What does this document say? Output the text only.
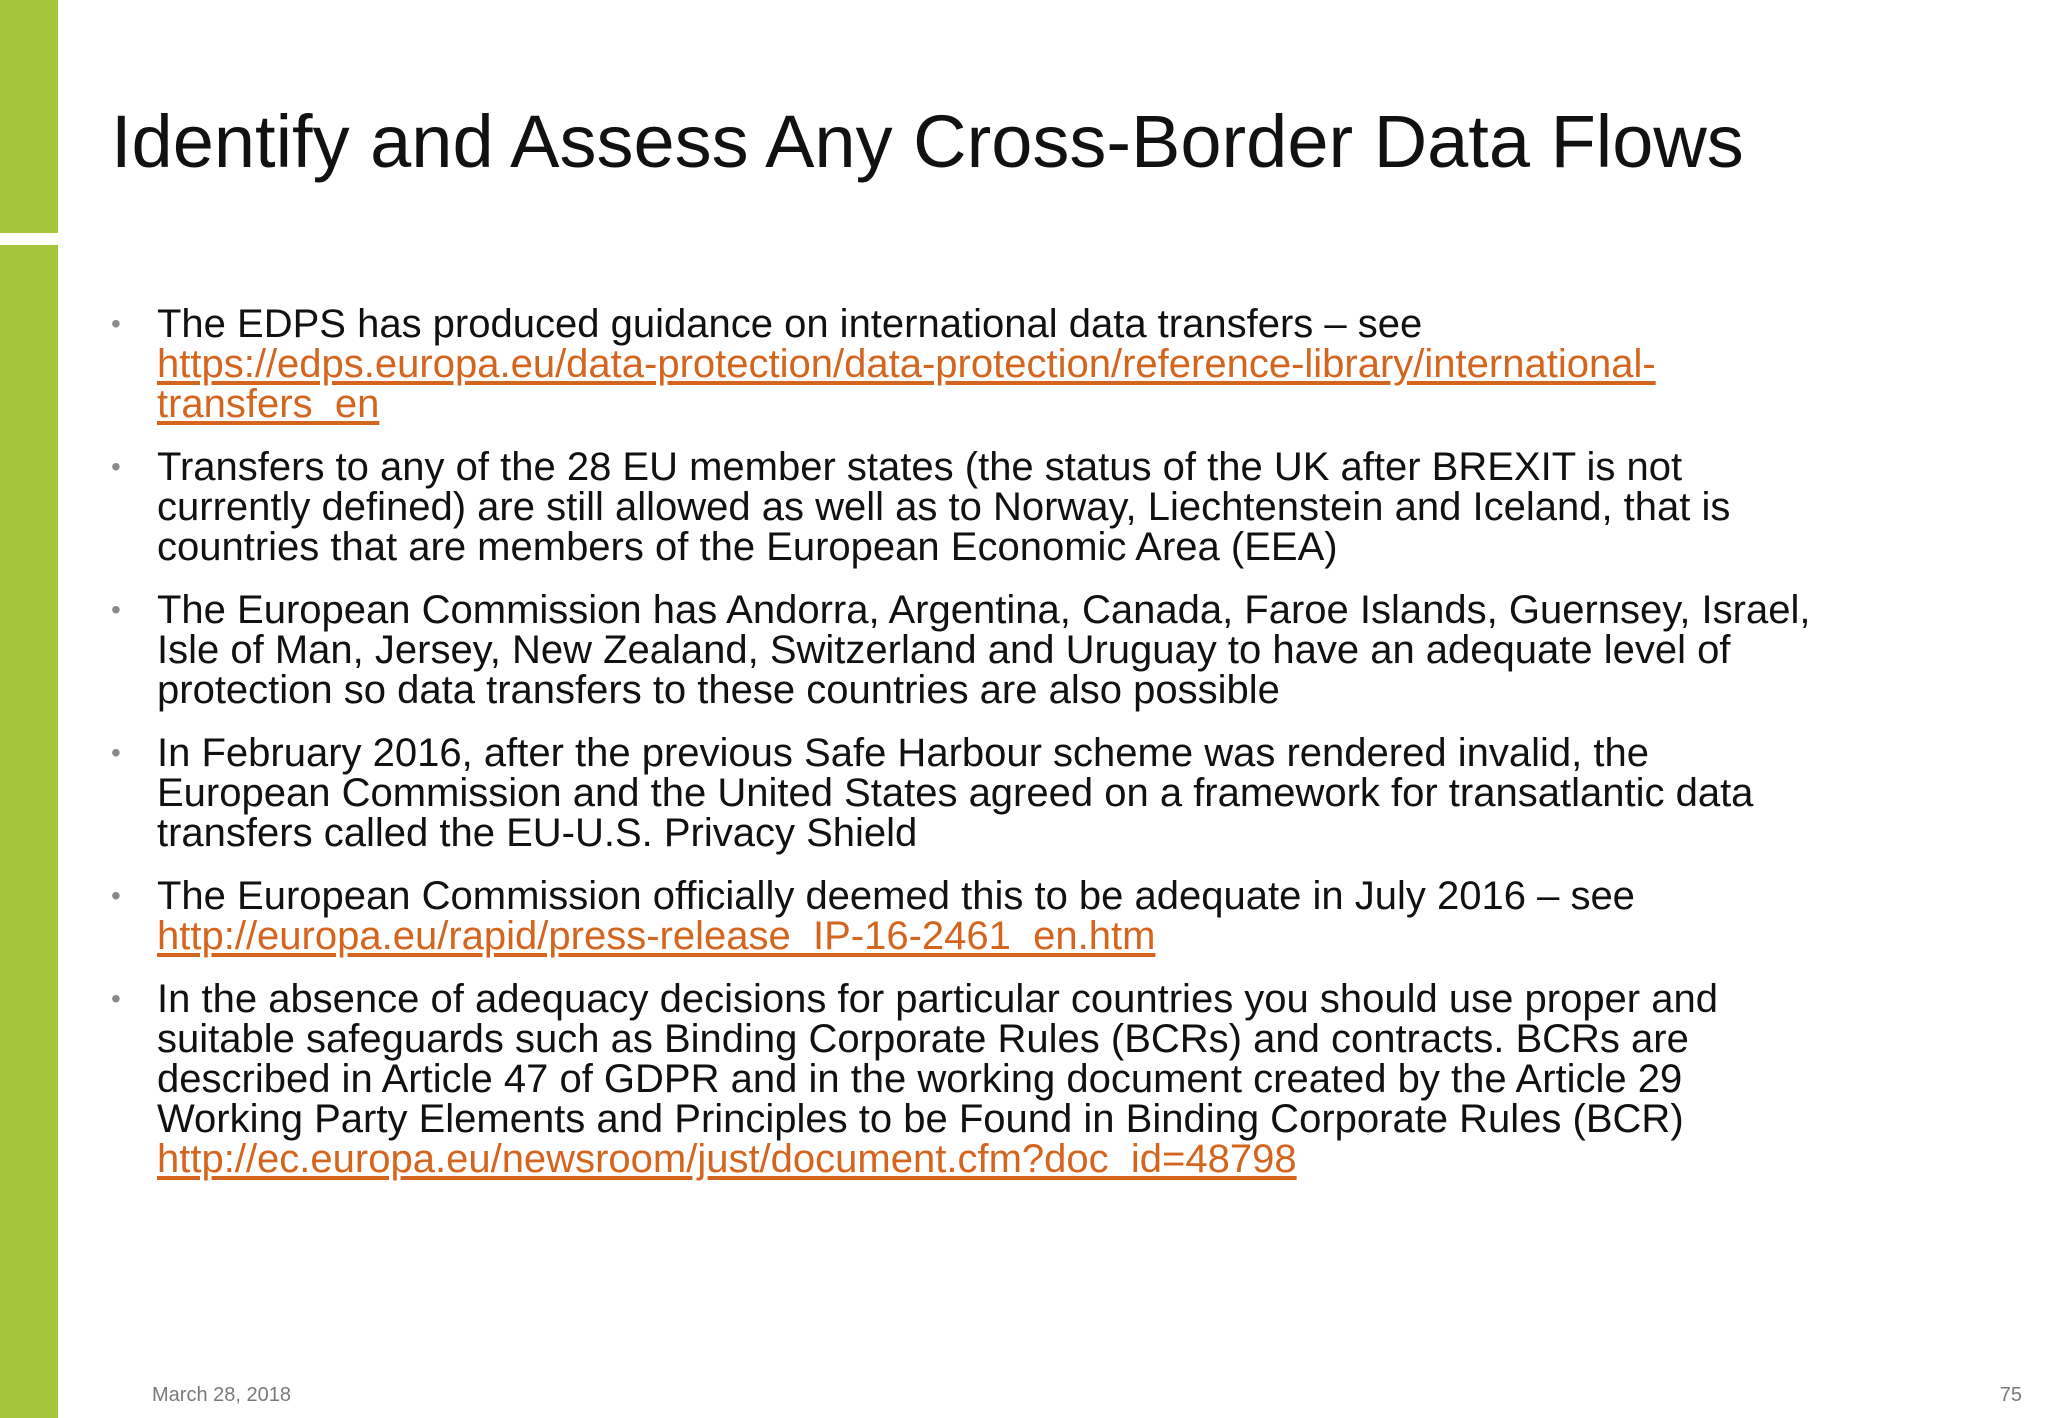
Identify and Assess Any Cross-Border Data Flows
• The EDPS has produced guidance on international data transfers – see
https://edps.europa.eu/data-protection/data-protection/reference-library/international-
transfers_en
• Transfers to any of the 28 EU member states (the status of the UK after BREXIT is not
currently defined) are still allowed as well as to Norway, Liechtenstein and Iceland, that is
countries that are members of the European Economic Area (EEA)
• The European Commission has Andorra, Argentina, Canada, Faroe Islands, Guernsey, Israel,
Isle of Man, Jersey, New Zealand, Switzerland and Uruguay to have an adequate level of
protection so data transfers to these countries are also possible
• In February 2016, after the previous Safe Harbour scheme was rendered invalid, the
European Commission and the United States agreed on a framework for transatlantic data
transfers called the EU-U.S. Privacy Shield
• The European Commission officially deemed this to be adequate in July 2016 – see
http://europa.eu/rapid/press-release_IP-16-2461_en.htm
• In the absence of adequacy decisions for particular countries you should use proper and
suitable safeguards such as Binding Corporate Rules (BCRs) and contracts. BCRs are
described in Article 47 of GDPR and in the working document created by the Article 29
Working Party Elements and Principles to be Found in Binding Corporate Rules (BCR)
http://ec.europa.eu/newsroom/just/document.cfm?doc_id=48798
March 28, 2018	75
